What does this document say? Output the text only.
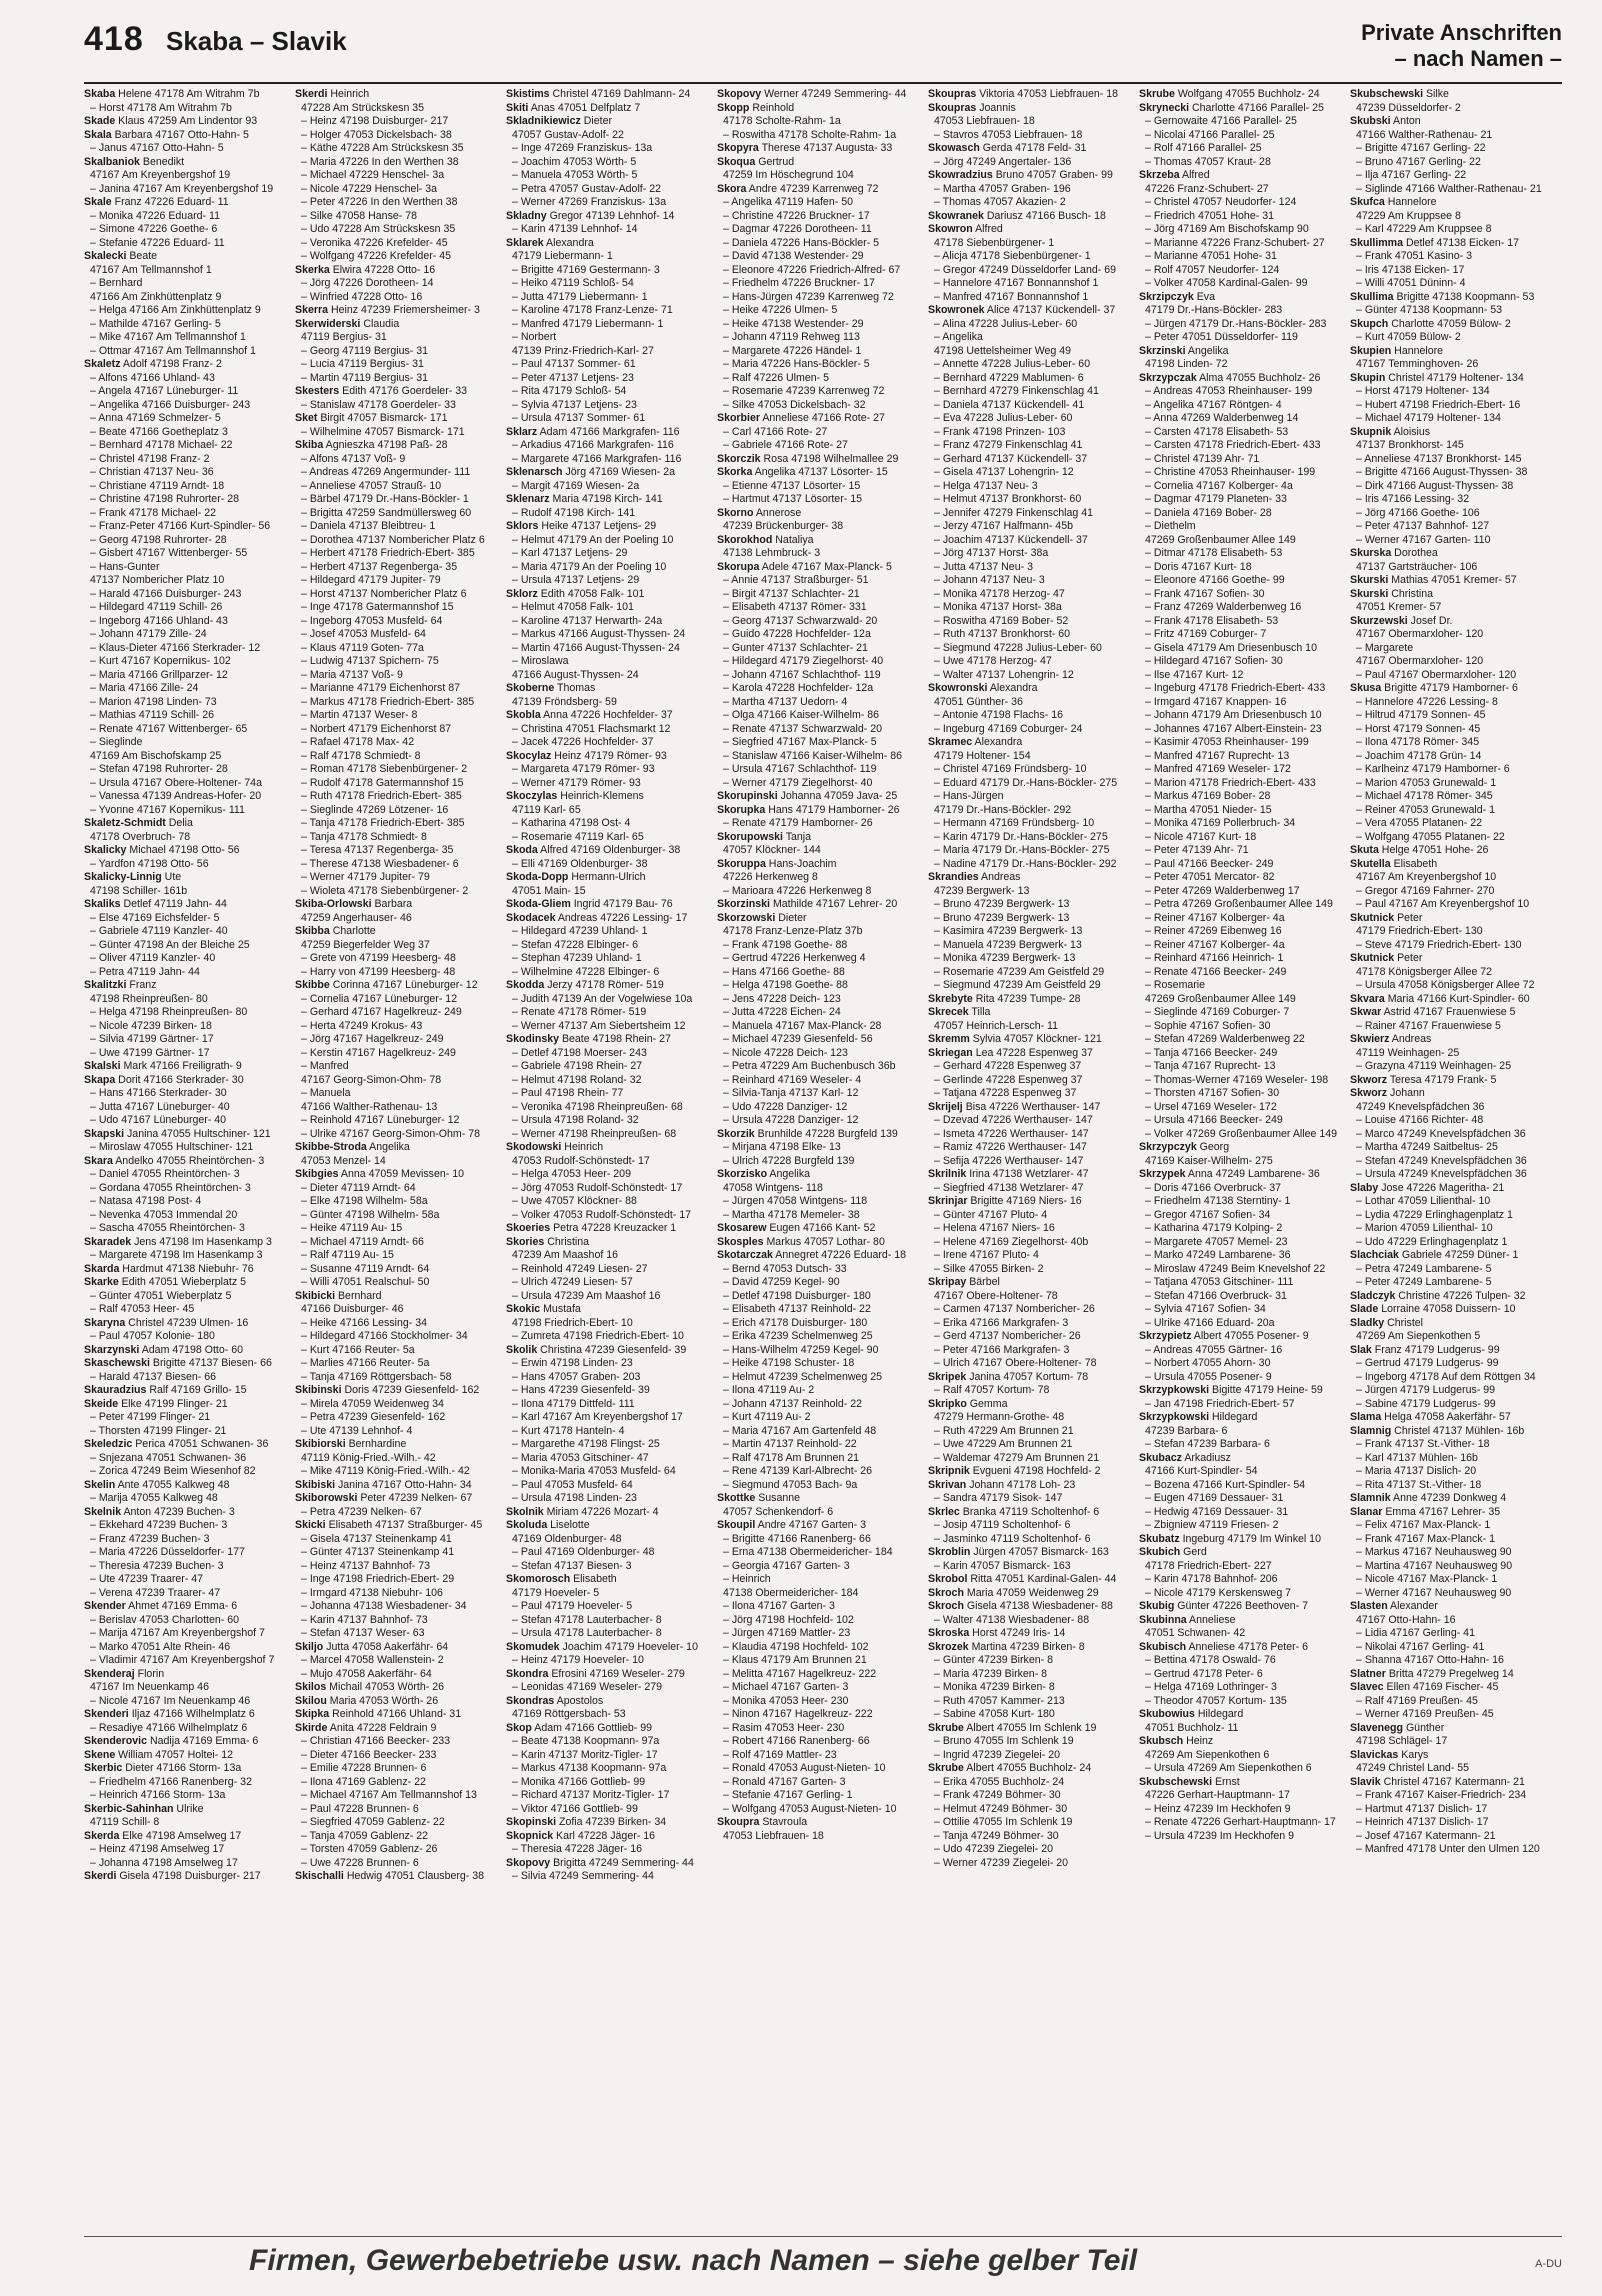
418 Skaba – Slavik	Private Anschriften
– nach Namen –
Skaba Helene 47178 Am Witrahm 7b
– Horst 47178 Am Witrahm 7b
Skade Klaus 47259 Am Lindentor 93
Skala Barbara 47167 Otto-Hahn- 5
– Janus 47167 Otto-Hahn- 5
Skalbaniok Benedikt
47167 Am Kreyenbergshof 19
– Janina 47167 Am Kreyenbergshof 19
Skale Franz 47226 Eduard- 11
– Monika 47226 Eduard- 11
– Simone 47226 Goethe- 6
– Stefanie 47226 Eduard- 11
Skalecki Beate
47167 Am Tellmannshof 1
– Bernhard
47166 Am Zinkhüttenplatz 9
– Helga 47166 Am Zinkhüttenplatz 9
– Mathilde 47167 Gerling- 5
– Mike 47167 Am Tellmannshof 1
– Ottmar 47167 Am Tellmannshof 1
Skaletz Adolf 47198 Franz- 2
– Alfons 47166 Uhland- 43
– Angela 47167 Lüneburger- 11
– Angelika 47166 Duisburger- 243
– Anna 47169 Schmelzer- 5
– Beate 47166 Goetheplatz 3
– Bernhard 47178 Michael- 22
– Christel 47198 Franz- 2
– Christian 47137 Neu- 36
– Christiane 47119 Arndt- 18
– Christine 47198 Ruhrorter- 28
– Frank 47178 Michael- 22
– Franz-Peter 47166 Kurt-Spindler- 56
– Georg 47198 Ruhrorter- 28
– Gisbert 47167 Wittenberger- 55
– Hans-Gunter
47137 Nombericher Platz 10
– Harald 47166 Duisburger- 243
– Hildegard 47119 Schill- 26
– Ingeborg 47166 Uhland- 43
– Johann 47179 Zille- 24
– Klaus-Dieter 47166 Sterkrader- 12
– Kurt 47167 Kopernikus- 102
– Maria 47166 Grillparzer- 12
– Maria 47166 Zille- 24
– Marion 47198 Linden- 73
– Mathias 47119 Schill- 26
– Renate 47167 Wittenberger- 65
– Sieglinde
47169 Am Bischofskamp 25
– Stefan 47198 Ruhrorter- 28
– Ursula 47167 Obere-Holtener- 74a
– Vanessa 47139 Andreas-Hofer- 20
– Yvonne 47167 Kopernikus- 111
Skaletz-Schmidt Delia
47178 Overbruch- 78
Skalicky Michael 47198 Otto- 56
– Yardfon 47198 Otto- 56
Skalicky-Linnig Ute
47198 Schiller- 161b
Skaliks Detlef 47119 Jahn- 44
– Else 47169 Eichsfelder- 5
– Gabriele 47119 Kanzler- 40
– Günter 47198 An der Bleiche 25
– Oliver 47119 Kanzler- 40
– Petra 47119 Jahn- 44
Skalitzki Franz
47198 Rheinpreußen- 80
– Helga 47198 Rheinpreußen- 80
– Nicole 47239 Birken- 18
– Silvia 47199 Gärtner- 17
– Uwe 47199 Gärtner- 17
Skalski Mark 47166 Freiligrath- 9
Skapa Dorit 47166 Sterkrader- 30
– Hans 47166 Sterkrader- 30
– Jutta 47167 Lüneburger- 40
– Udo 47167 Lüneburger- 40
Skapski Janina 47055 Hultschiner- 121
– Miroslaw 47055 Hultschiner- 121
Skara Andelko 47055 Rheintörchen- 3
– Daniel 47055 Rheintörchen- 3
– Gordana 47055 Rheintörchen- 3
– Natasa 47198 Post- 4
– Nevenka 47053 Immendal 20
– Sascha 47055 Rheintörchen- 3
Skaradek Jens 47198 Im Hasenkamp 3
– Margarete 47198 Im Hasenkamp 3
Skarda Hardmut 47138 Niebuhr- 76
Skarke Edith 47051 Wieberplatz 5
– Günter 47051 Wieberplatz 5
– Ralf 47053 Heer- 45
Skaryna Christel 47239 Ulmen- 16
– Paul 47057 Kolonie- 180
Skarzynski Adam 47198 Otto- 60
Skaschewski Brigitte 47137 Biesen- 66
– Harald 47137 Biesen- 66
Skauradzius Ralf 47169 Grillo- 15
Skeide Elke 47199 Flinger- 21
– Peter 47199 Flinger- 21
– Thorsten 47199 Flinger- 21
Skeledzic Perica 47051 Schwanen- 36
– Snjezana 47051 Schwanen- 36
– Zorica 47249 Beim Wiesenhof 82
Skelin Ante 47055 Kalkweg 48
– Marija 47055 Kalkweg 48
Skelnik Anton 47239 Buchen- 3
– Ekkehard 47239 Buchen- 3
– Franz 47239 Buchen- 3
– Maria 47226 Düsseldorfer- 177
– Theresia 47239 Buchen- 3
– Ute 47239 Traarer- 47
– Verena 47239 Traarer- 47
Skender Ahmet 47169 Emma- 6
– Berislav 47053 Charlotten- 60
– Marija 47167 Am Kreyenbergshof 7
– Marko 47051 Alte Rhein- 46
– Vladimir 47167 Am Kreyenbergshof 7
Skenderaj Florin
47167 Im Neuenkamp 46
– Nicole 47167 Im Neuenkamp 46
Skenderi Iljaz 47166 Wilhelmplatz 6
– Resadiye 47166 Wilhelmplatz 6
Skenderovic Nadija 47169 Emma- 6
Skene William 47057 Holtei- 12
Skerbic Dieter 47166 Storm- 13a
– Friedhelm 47166 Ranenberg- 32
– Heinrich 47166 Storm- 13a
Skerbic-Sahinhan Ulrike
47119 Schill- 8
Skerda Elke 47198 Amselweg 17
– Heinz 47198 Amselweg 17
– Johanna 47198 Amselweg 17
Skerdi Gisela 47198 Duisburger- 217
Skerdi Heinrich
47228 Am Strückskesn 35
– Heinz 47198 Duisburger- 217
– Holger 47053 Dickelsbach- 38
– Käthe 47228 Am Strückskesn 35
– Maria 47226 In den Werthen 38
– Michael 47229 Henschel- 3a
– Nicole 47229 Henschel- 3a
– Peter 47226 In den Werthen 38
– Silke 47058 Hanse- 78
– Udo 47228 Am Strückskesn 35
– Veronika 47226 Krefelder- 45
– Wolfgang 47226 Krefelder- 45
Skerka Elwira 47228 Otto- 16
– Jörg 47226 Dorotheen- 14
– Winfried 47228 Otto- 16
Skerra Heinz 47239 Friemersheimer- 3
Skerwiderski Claudia
47119 Bergius- 31
– Georg 47119 Bergius- 31
– Lucia 47119 Bergius- 31
– Martin 47119 Bergius- 31
Skesters Edith 47176 Goerdeler- 33
– Stanislaw 47178 Goerdeler- 33
Sket Birgit 47057 Bismarck- 171
– Wilhelmine 47057 Bismarck- 171
Skiba Agnieszka 47198 Paß- 28
– Alfons 47137 Voß- 9
– Andreas 47269 Angermunder- 111
– Anneliese 47057 Strauß- 10
– Bärbel 47179 Dr.-Hans-Böckler- 1
– Brigitta 47259 Sandmüllersweg 60
– Daniela 47137 Bleibtreu- 1
– Dorothea 47137 Nombericher Platz 6
– Herbert 47178 Friedrich-Ebert- 385
– Herbert 47137 Regenberga- 35
– Hildegard 47179 Jupiter- 79
– Horst 47137 Nombericher Platz 6
– Inge 47178 Gatermannshof 15
– Ingeborg 47053 Musfeld- 64
– Josef 47053 Musfeld- 64
– Klaus 47119 Goten- 77a
– Ludwig 47137 Spichern- 75
– Maria 47137 Voß- 9
– Marianne 47179 Eichenhorst 87
– Markus 47178 Friedrich-Ebert- 385
– Martin 47137 Weser- 8
– Norbert 47179 Eichenhorst 87
– Rafael 47178 Max- 42
– Ralf 47178 Schmiedt- 8
– Roman 47178 Siebenbürgener- 2
– Rudolf 47178 Gatermannshof 15
– Ruth 47178 Friedrich-Ebert- 385
– Sieglinde 47269 Lötzener- 16
– Tanja 47178 Friedrich-Ebert- 385
– Tanja 47178 Schmiedt- 8
– Teresa 47137 Regenberga- 35
– Therese 47138 Wiesbadener- 6
– Werner 47179 Jupiter- 79
– Wioleta 47178 Siebenbürgener- 2
Skiba-Orlowski Barbara
47259 Angerhauser- 46
Skibba Charlotte
47259 Biegerfelder Weg 37
– Grete von 47199 Heesberg- 48
– Harry von 47199 Heesberg- 48
Skibbe Corinna 47167 Lüneburger- 12
– Cornelia 47167 Lüneburger- 12
– Gerhard 47167 Hagelkreuz- 249
– Herta 47249 Krokus- 43
– Jörg 47167 Hagelkreuz- 249
– Kerstin 47167 Hagelkreuz- 249
– Manfred
47167 Georg-Simon-Ohm- 78
– Manuela
47166 Walther-Rathenau- 13
– Reinhold 47167 Lüneburger- 12
– Ulrike 47167 Georg-Simon-Ohm- 78
Skibbe-Stroda Angelika
47053 Menzel- 14
Skibgies Anna 47059 Mevissen- 10
– Dieter 47119 Arndt- 64
– Elke 47198 Wilhelm- 58a
– Günter 47198 Wilhelm- 58a
– Heike 47119 Au- 15
– Michael 47119 Arndt- 66
– Ralf 47119 Au- 15
– Susanne 47119 Arndt- 64
– Willi 47051 Realschul- 50
Skibicki Bernhard
47166 Duisburger- 46
– Heike 47166 Lessing- 34
– Hildegard 47166 Stockholmer- 34
– Kurt 47166 Reuter- 5a
– Marlies 47166 Reuter- 5a
– Tanja 47169 Röttgersbach- 58
Skibinski Doris 47239 Giesenfeld- 162
– Mirela 47059 Weidenweg 34
– Petra 47239 Giesenfeld- 162
– Ute 47139 Lehnhof- 4
Skibiorski Bernhardine
47119 König-Fried.-Wilh.- 42
– Mike 47119 König-Fried.-Wilh.- 42
Skibiski Janina 47167 Otto-Hahn- 34
Skiborowski Peter 47239 Nelken- 67
– Petra 47239 Nelken- 67
Skicki Elisabeth 47137 Straßburger- 45
– Gisela 47137 Steinenkamp 41
– Günter 47137 Steinenkamp 41
– Heinz 47137 Bahnhof- 73
– Inge 47198 Friedrich-Ebert- 29
– Irmgard 47138 Niebuhr- 106
– Johanna 47138 Wiesbadener- 34
– Karin 47137 Bahnhof- 73
– Stefan 47137 Weser- 63
Skiljo Jutta 47058 Aakerfähr- 64
– Marcel 47058 Wallenstein- 2
– Mujo 47058 Aakerfähr- 64
Skilos Michail 47053 Wörth- 26
Skilou Maria 47053 Wörth- 26
Skipka Reinhold 47166 Uhland- 31
Skirde Anita 47228 Feldrain 9
– Christian 47166 Beecker- 233
– Dieter 47166 Beecker- 233
– Emilie 47228 Brunnen- 6
– Ilona 47169 Gablenz- 22
– Michael 47167 Am Tellmannshof 13
– Paul 47228 Brunnen- 6
– Siegfried 47059 Gablenz- 22
– Tanja 47059 Gablenz- 22
– Torsten 47059 Gablenz- 26
– Uwe 47228 Brunnen- 6
Skischalli Hedwig 47051 Clausberg- 38
Skistims Christel 47169 Dahlmann- 24
Skiti Anas 47051 Delfplatz 7
Skladnikiewicz Dieter
47057 Gustav-Adolf- 22
– Inge 47269 Franziskus- 13a
– Joachim 47053 Wörth- 5
– Manuela 47053 Wörth- 5
– Petra 47057 Gustav-Adolf- 22
– Werner 47269 Franziskus- 13a
Skladny Gregor 47139 Lehnhof- 14
– Karin 47139 Lehnhof- 14
Sklarek Alexandra
47179 Liebermann- 1
– Brigitte 47169 Gestermann- 3
– Heiko 47119 Schloß- 54
– Jutta 47179 Liebermann- 1
– Karoline 47178 Franz-Lenze- 71
– Manfred 47179 Liebermann- 1
– Norbert
47139 Prinz-Friedrich-Karl- 27
– Paul 47137 Sommer- 61
– Peter 47137 Letjens- 23
– Rita 47179 Schloß- 54
– Sylvia 47137 Letjens- 23
– Ursula 47137 Sommer- 61
Sklarz Adam 47166 Markgrafen- 116
– Arkadius 47166 Markgrafen- 116
– Margarete 47166 Markgrafen- 116
Sklenarsch Jörg 47169 Wiesen- 2a
– Margit 47169 Wiesen- 2a
Sklenarz Maria 47198 Kirch- 141
– Rudolf 47198 Kirch- 141
Sklors Heike 47137 Letjens- 29
– Helmut 47179 An der Poeling 10
– Karl 47137 Letjens- 29
– Maria 47179 An der Poeling 10
– Ursula 47137 Letjens- 29
Sklorz Edith 47058 Falk- 101
– Helmut 47058 Falk- 101
– Karoline 47137 Herwarth- 24a
– Markus 47166 August-Thyssen- 24
– Martin 47166 August-Thyssen- 24
– Miroslawa
47166 August-Thyssen- 24
Skoberne Thomas
47139 Fröndsberg- 59
Skobla Anna 47226 Hochfelder- 37
– Christina 47051 Flachsmarkt 12
– Jacek 47226 Hochfelder- 37
Skocylaz Heinz 47179 Römer- 93
– Margareta 47179 Römer- 93
– Werner 47179 Römer- 93
Skoczylas Heinrich-Klemens
47119 Karl- 65
– Katharina 47198 Ost- 4
– Rosemarie 47119 Karl- 65
Skoda Alfred 47169 Oldenburger- 38
– Elli 47169 Oldenburger- 38
Skoda-Dopp Hermann-Ulrich
47051 Main- 15
Skoda-Gliem Ingrid 47179 Bau- 76
Skodacek Andreas 47226 Lessing- 17
– Hildegard 47239 Uhland- 1
– Stefan 47228 Elbinger- 6
– Stephan 47239 Uhland- 1
– Wilhelmine 47228 Elbinger- 6
Skodda Jerzy 47178 Römer- 519
– Judith 47139 An der Vogelwiese 10a
– Renate 47178 Römer- 519
– Werner 47137 Am Siebertsheim 12
Skodinsky Beate 47198 Rhein- 27
– Detlef 47198 Moerser- 243
– Gabriele 47198 Rhein- 27
– Helmut 47198 Roland- 32
– Paul 47198 Rhein- 77
– Veronika 47198 Rheinpreußen- 68
– Ursula 47198 Roland- 32
– Werner 47198 Rheinpreußen- 68
Skodowski Heinrich
47053 Rudolf-Schönstedt- 17
– Helga 47053 Heer- 209
– Jörg 47053 Rudolf-Schönstedt- 17
– Uwe 47057 Klöckner- 88
– Volker 47053 Rudolf-Schönstedt- 17
Skoeries Petra 47228 Kreuzacker 1
Skories Christina
47239 Am Maashof 16
– Reinhold 47249 Liesen- 27
– Ulrich 47249 Liesen- 57
– Ursula 47239 Am Maashof 16
Skokic Mustafa
47198 Friedrich-Ebert- 10
– Zumreta 47198 Friedrich-Ebert- 10
Skolik Christina 47239 Giesenfeld- 39
– Erwin 47198 Linden- 23
– Hans 47057 Graben- 203
– Hans 47239 Giesenfeld- 39
– Ilona 47179 Dittfeld- 111
– Karl 47167 Am Kreyenbergshof 17
– Kurt 47178 Hanteln- 4
– Margarethe 47198 Flingst- 25
– Maria 47053 Gitschiner- 47
– Monika-Maria 47053 Musfeld- 64
– Paul 47053 Musfeld- 64
– Ursula 47198 Linden- 23
Skolnik Miriam 47226 Mozart- 4
Skoluda Liselotte
47169 Oldenburger- 48
– Paul 47169 Oldenburger- 48
– Stefan 47137 Biesen- 3
Skomorosch Elisabeth
47179 Hoeveler- 5
– Paul 47179 Hoeveler- 5
– Stefan 47178 Lauterbacher- 8
– Ursula 47178 Lauterbacher- 8
Skomudek Joachim 47179 Hoeveler- 10
– Heinz 47179 Hoeveler- 10
Skondra Efrosini 47169 Weseler- 279
– Leonidas 47169 Weseler- 279
Skondras Apostolos
47169 Röttgersbach- 53
Skop Adam 47166 Gottlieb- 99
– Beate 47138 Koopmann- 97a
– Karin 47137 Moritz-Tigler- 17
– Markus 47138 Koopmann- 97a
– Monika 47166 Gottlieb- 99
– Richard 47137 Moritz-Tigler- 17
– Viktor 47166 Gottlieb- 99
Skopinski Zofia 47239 Birken- 34
Skopnick Karl 47228 Jäger- 16
– Theresia 47228 Jäger- 16
Skopovy Brigitta 47249 Semmering- 44
– Silvia 47249 Semmering- 44
Skopovy Werner 47249 Semmering- 44
Skopp Reinhold
47178 Scholte-Rahm- 1a
– Roswitha 47178 Scholte-Rahm- 1a
Skopyra Therese 47137 Augusta- 33
Skoqua Gertrud
47259 Im Höschegrund 104
Skora Andre 47239 Karrenweg 72
– Angelika 47119 Hafen- 50
– Christine 47226 Bruckner- 17
– Dagmar 47226 Dorotheen- 11
– Daniela 47226 Hans-Böckler- 5
– David 47138 Westender- 29
– Eleonore 47226 Friedrich-Alfred- 67
– Friedhelm 47226 Bruckner- 17
– Hans-Jürgen 47239 Karrenweg 72
– Heike 47226 Ulmen- 5
– Heike 47138 Westender- 29
– Johann 47119 Rehweg 113
– Margarete 47226 Händel- 1
– Maria 47226 Hans-Böckler- 5
– Ralf 47226 Ulmen- 5
– Rosemarie 47239 Karrenweg 72
– Silke 47053 Dickelsbach- 32
Skorbier Anneliese 47166 Rote- 27
– Carl 47166 Rote- 27
– Gabriele 47166 Rote- 27
Skorczik Rosa 47198 Wilhelmallee 29
Skorka Angelika 47137 Lösorter- 15
– Etienne 47137 Lösorter- 15
– Hartmut 47137 Lösorter- 15
Skorno Annerose
47239 Brückenburger- 38
Skorokhod Nataliya
47138 Lehmbruck- 3
Skorupa Adele 47167 Max-Planck- 5
– Annie 47137 Straßburger- 51
– Birgit 47137 Schlachter- 21
– Elisabeth 47137 Römer- 331
– Georg 47137 Schwarzwald- 20
– Guido 47228 Hochfelder- 12a
– Gunter 47137 Schlachter- 21
– Hildegard 47179 Ziegelhorst- 40
– Johann 47167 Schlachthof- 119
– Karola 47228 Hochfelder- 12a
– Martha 47137 Uedorn- 4
– Olga 47166 Kaiser-Wilhelm- 86
– Renate 47137 Schwarzwald- 20
– Siegfried 47167 Max-Planck- 5
– Stanislaw 47166 Kaiser-Wilhelm- 86
– Ursula 47167 Schlachthof- 119
– Werner 47179 Ziegelhorst- 40
Skorupinski Johanna 47059 Java- 25
Skorupka Hans 47179 Hamborner- 26
– Renate 47179 Hamborner- 26
Skorupowski Tanja
47057 Klöckner- 144
Skoruppa Hans-Joachim
47226 Herkenweg 8
– Marioara 47226 Herkenweg 8
Skorzinski Mathilde 47167 Lehrer- 20
Skorzowski Dieter
47178 Franz-Lenze-Platz 37b
– Frank 47198 Goethe- 88
– Gertrud 47226 Herkenweg 4
– Hans 47166 Goethe- 88
– Helga 47198 Goethe- 88
– Jens 47228 Deich- 123
– Jutta 47228 Eichen- 24
– Manuela 47167 Max-Planck- 28
– Michael 47239 Giesenfeld- 56
– Nicole 47228 Deich- 123
– Petra 47229 Am Buchenbusch 36b
– Reinhard 47169 Weseler- 4
– Silvia-Tanja 47137 Karl- 12
– Udo 47228 Danziger- 12
– Ursula 47228 Danziger- 12
Skorzik Brunhilde 47228 Burgfeld 139
– Mirjana 47198 Elke- 13
– Ulrich 47228 Burgfeld 139
Skorzisko Angelika
47058 Wintgens- 118
– Jürgen 47058 Wintgens- 118
– Martha 47178 Memeler- 38
Skosarew Eugen 47166 Kant- 52
Skosples Markus 47057 Lothar- 80
Skotarczak Annegret 47226 Eduard- 18
– Bernd 47053 Dutsch- 33
– David 47259 Kegel- 90
– Detlef 47198 Duisburger- 180
– Elisabeth 47137 Reinhold- 22
– Erich 47178 Duisburger- 180
– Erika 47239 Schelmenweg 25
– Hans-Wilhelm 47259 Kegel- 90
– Heike 47198 Schuster- 18
– Helmut 47239 Schelmenweg 25
– Ilona 47119 Au- 2
– Johann 47137 Reinhold- 22
– Kurt 47119 Au- 2
– Maria 47167 Am Gartenfeld 48
– Martin 47137 Reinhold- 22
– Ralf 47178 Am Brunnen 21
– Rene 47139 Karl-Albrecht- 26
– Siegmund 47053 Bach- 9a
Skottke Susanne
47057 Schenkendorf- 6
Skoupil Andre 47167 Garten- 3
– Brigitte 47166 Ranenberg- 66
– Erna 47138 Obermeidericher- 184
– Georgia 47167 Garten- 3
– Heinrich
47138 Obermeidericher- 184
– Ilona 47167 Garten- 3
– Jörg 47198 Hochfeld- 102
– Jürgen 47169 Mattler- 23
– Klaudia 47198 Hochfeld- 102
– Klaus 47179 Am Brunnen 21
– Melitta 47167 Hagelkreuz- 222
– Michael 47167 Garten- 3
– Monika 47053 Heer- 230
– Ninon 47167 Hagelkreuz- 222
– Rasim 47053 Heer- 230
– Robert 47166 Ranenberg- 66
– Rolf 47169 Mattler- 23
– Ronald 47053 August-Nieten- 10
– Ronald 47167 Garten- 3
– Stefanie 47167 Gerling- 1
– Wolfgang 47053 August-Nieten- 10
Skoupra Stavroula
47053 Liebfrauen- 18
Skoupras Viktoria 47053 Liebfrauen- 18
Skoupras Joannis
47053 Liebfrauen- 18
– Stavros 47053 Liebfrauen- 18
Skowasch Gerda 47178 Feld- 31
– Jörg 47249 Angertaler- 136
Skowradzius Bruno 47057 Graben- 99
– Martha 47057 Graben- 196
– Thomas 47057 Akazien- 2
Skowranek Dariusz 47166 Busch- 18
Skowron Alfred
47178 Siebenbürgener- 1
– Alicja 47178 Siebenbürgener- 1
– Gregor 47249 Düsseldorfer Land- 69
– Hannelore 47167 Bonnannshof 1
– Manfred 47167 Bonnannshof 1
Skowronek Alice 47137 Kückendell- 37
– Alina 47228 Julius-Leber- 60
– Angelika
47198 Uettelsheimer Weg 49
– Annette 47228 Julius-Leber- 60
– Bernhard 47229 Mablumen- 6
– Bernhard 47279 Finkenschlag 41
– Daniela 47137 Kückendell- 41
– Eva 47228 Julius-Leber- 60
– Frank 47198 Prinzen- 103
– Franz 47279 Finkenschlag 41
– Gerhard 47137 Kückendell- 37
– Gisela 47137 Lohengrin- 12
– Helga 47137 Neu- 3
– Helmut 47137 Bronkhorst- 60
– Jennifer 47279 Finkenschlag 41
– Jerzy 47167 Halfmann- 45b
– Joachim 47137 Kückendell- 37
– Jörg 47137 Horst- 38a
– Jutta 47137 Neu- 3
– Johann 47137 Neu- 3
– Monika 47178 Herzog- 47
– Monika 47137 Horst- 38a
– Roswitha 47169 Bober- 52
– Ruth 47137 Bronkhorst- 60
– Siegmund 47228 Julius-Leber- 60
– Uwe 47178 Herzog- 47
– Walter 47137 Lohengrin- 12
Skowronski Alexandra
47051 Günther- 36
– Antonie 47198 Flachs- 16
– Ingeburg 47169 Coburger- 24
Skramec Alexandra
47179 Holtener- 154
– Christel 47169 Fründsberg- 10
– Eduard 47179 Dr.-Hans-Böckler- 275
– Hans-Jürgen
47179 Dr.-Hans-Böckler- 292
– Hermann 47169 Fründsberg- 10
– Karin 47179 Dr.-Hans-Böckler- 275
– Maria 47179 Dr.-Hans-Böckler- 275
– Nadine 47179 Dr.-Hans-Böckler- 292
Skrandies Andreas
47239 Bergwerk- 13
– Bruno 47239 Bergwerk- 13
– Bruno 47239 Bergwerk- 13
– Kasimira 47239 Bergwerk- 13
– Manuela 47239 Bergwerk- 13
– Monika 47239 Bergwerk- 13
– Rosemarie 47239 Am Geistfeld 29
– Siegmund 47239 Am Geistfeld 29
Skrebyte Rita 47239 Tumpe- 28
Skrecek Tilla
47057 Heinrich-Lersch- 11
Skremm Sylvia 47057 Klöckner- 121
Skriegan Lea 47228 Espenweg 37
– Gerhard 47228 Espenweg 37
– Gerlinde 47228 Espenweg 37
– Tatjana 47228 Espenweg 37
Skrijelj Bisa 47226 Werthauser- 147
– Dzevad 47226 Werthauser- 147
– Ismeta 47226 Werthauser- 147
– Ramiz 47226 Werthauser- 147
– Sefija 47226 Werthauser- 147
Skrilnik Irina 47138 Wetzlarer- 47
– Siegfried 47138 Wetzlarer- 47
Skrinjar Brigitte 47169 Niers- 16
– Günter 47167 Pluto- 4
– Helena 47167 Niers- 16
– Helene 47169 Ziegelhorst- 40b
– Irene 47167 Pluto- 4
– Silke 47055 Birken- 2
Skripay Bärbel
47167 Obere-Holtener- 78
– Carmen 47137 Nombericher- 26
– Erika 47166 Markgrafen- 3
– Gerd 47137 Nombericher- 26
– Peter 47166 Markgrafen- 3
– Ulrich 47167 Obere-Holtener- 78
Skripek Janina 47057 Kortum- 78
– Ralf 47057 Kortum- 78
Skripko Gemma
47279 Hermann-Grothe- 48
– Ruth 47229 Am Brunnen 21
– Uwe 47229 Am Brunnen 21
– Waldemar 47279 Am Brunnen 21
Skripnik Evgueni 47198 Hochfeld- 2
Skrivan Johann 47178 Loh- 23
– Sandra 47179 Sisok- 147
Skrlec Branka 47119 Scholtenhof- 6
– Josip 47119 Scholtenhof- 6
– Jasminko 47119 Scholtenhof- 6
Skroblin Jürgen 47057 Bismarck- 163
– Karin 47057 Bismarck- 163
Skrobol Ritta 47051 Kardinal-Galen- 44
Skroch Maria 47059 Weidenweg 29
Skroch Gisela 47138 Wiesbadener- 88
– Walter 47138 Wiesbadener- 88
Skroska Horst 47249 Iris- 14
Skrozek Martina 47239 Birken- 8
– Günter 47239 Birken- 8
– Maria 47239 Birken- 8
– Monika 47239 Birken- 8
– Ruth 47057 Kammer- 213
– Sabine 47058 Kurt- 180
Skrube Albert 47055 Im Schlenk 19
– Bruno 47055 Im Schlenk 19
– Ingrid 47239 Ziegelei- 20
Skrube Albert 47055 Buchholz- 24
– Erika 47055 Buchholz- 24
– Frank 47249 Böhmer- 30
– Helmut 47249 Böhmer- 30
– Ottilie 47055 Im Schlenk 19
– Tanja 47249 Böhmer- 30
– Udo 47239 Ziegelei- 20
– Werner 47239 Ziegelei- 20
Skrube Wolfgang 47055 Buchholz- 24
Skrynecki Charlotte 47166 Parallel- 25
– Gernowaite 47166 Parallel- 25
– Nicolai 47166 Parallel- 25
– Rolf 47166 Parallel- 25
– Thomas 47057 Kraut- 28
Skrzeba Alfred
47226 Franz-Schubert- 27
– Christel 47057 Neudorfer- 124
– Friedrich 47051 Hohe- 31
– Jörg 47169 Am Bischofskamp 90
– Marianne 47226 Franz-Schubert- 27
– Marianne 47051 Hohe- 31
– Rolf 47057 Neudorfer- 124
– Volker 47058 Kardinal-Galen- 99
Skrzipczyk Eva
47179 Dr.-Hans-Böckler- 283
– Jürgen 47179 Dr.-Hans-Böckler- 283
– Peter 47051 Düsseldorfer- 119
Skrzinski Angelika
47198 Linden- 72
Skrzypczak Alma 47055 Buchholz- 26
– Andreas 47053 Rheinhauser- 199
– Angelika 47167 Röntgen- 4
– Anna 47269 Walderbenweg 14
– Carsten 47178 Elisabeth- 53
– Carsten 47178 Friedrich-Ebert- 433
– Christel 47139 Ahr- 71
– Christine 47053 Rheinhauser- 199
– Cornelia 47167 Kolberger- 4a
– Dagmar 47179 Planeten- 33
– Daniela 47169 Bober- 28
– Diethelm
47269 Großenbaumer Allee 149
– Ditmar 47178 Elisabeth- 53
– Doris 47167 Kurt- 18
– Eleonore 47166 Goethe- 99
– Frank 47167 Sofien- 30
– Franz 47269 Walderbenweg 16
– Frank 47178 Elisabeth- 53
– Fritz 47169 Coburger- 7
– Gisela 47179 Am Driesenbusch 10
– Hildegard 47167 Sofien- 30
– Ilse 47167 Kurt- 12
– Ingeburg 47178 Friedrich-Ebert- 433
– Irmgard 47167 Knappen- 16
– Johann 47179 Am Driesenbusch 10
– Johannes 47167 Albert-Einstein- 23
– Kasimir 47053 Rheinhauser- 199
– Manfred 47167 Ruprecht- 13
– Manfred 47169 Weseler- 172
– Marion 47178 Friedrich-Ebert- 433
– Markus 47169 Bober- 28
– Martha 47051 Nieder- 15
– Monika 47169 Pollerbruch- 34
– Nicole 47167 Kurt- 18
– Peter 47139 Ahr- 71
– Paul 47166 Beecker- 249
– Peter 47051 Mercator- 82
– Peter 47269 Walderbenweg 17
– Petra 47269 Großenbaumer Allee 149
– Reiner 47167 Kolberger- 4a
– Reiner 47269 Eibenweg 16
– Reiner 47167 Kolberger- 4a
– Reinhard 47166 Heinrich- 1
– Renate 47166 Beecker- 249
– Rosemarie
47269 Großenbaumer Allee 149
– Sieglinde 47169 Coburger- 7
– Sophie 47167 Sofien- 30
– Stefan 47269 Walderbenweg 22
– Tanja 47166 Beecker- 249
– Tanja 47167 Ruprecht- 13
– Thomas-Werner 47169 Weseler- 198
– Thorsten 47167 Sofien- 30
– Ursel 47169 Weseler- 172
– Ursula 47166 Beecker- 249
– Volker 47269 Großenbaumer Allee 149
Skrzypczyk Georg
47169 Kaiser-Wilhelm- 275
Skrzypek Anna 47249 Lambarene- 36
– Doris 47166 Overbruck- 37
– Friedhelm 47138 Sterntiny- 1
– Gregor 47167 Sofien- 34
– Katharina 47179 Kolping- 2
– Margarete 47057 Memel- 23
– Marko 47249 Lambarene- 36
– Miroslaw 47249 Beim Knevelshof 22
– Tatjana 47053 Gitschiner- 111
– Stefan 47166 Overbruck- 31
– Sylvia 47167 Sofien- 34
– Ulrike 47166 Eduard- 20a
Skrzypietz Albert 47055 Posener- 9
– Andreas 47055 Gärtner- 16
– Norbert 47055 Ahorn- 30
– Ursula 47055 Posener- 9
Skrzypkowski Bigitte 47179 Heine- 59
– Jan 47198 Friedrich-Ebert- 57
Skrzypkowski Hildegard
47239 Barbara- 6
– Stefan 47239 Barbara- 6
Skubacz Arkadiusz
47166 Kurt-Spindler- 54
– Bozena 47166 Kurt-Spindler- 54
– Eugen 47169 Dessauer- 31
– Hedwig 47169 Dessauer- 31
– Zbigniew 47119 Friesen- 2
Skubatz Ingeburg 47179 Im Winkel 10
Skubich Gerd
47178 Friedrich-Ebert- 227
– Karin 47178 Bahnhof- 206
– Nicole 47179 Kerskensweg 7
Skubig Günter 47226 Beethoven- 7
Skubinna Anneliese
47051 Schwanen- 42
Skubisch Anneliese 47178 Peter- 6
– Bettina 47178 Oswald- 76
– Gertrud 47178 Peter- 6
– Helga 47169 Lothringer- 3
– Theodor 47057 Kortum- 135
Skubowius Hildegard
47051 Buchholz- 11
Skubsch Heinz
47269 Am Siepenkothen 6
– Ursula 47269 Am Siepenkothen 6
Skubschewski Ernst
47226 Gerhart-Hauptmann- 17
– Heinz 47239 Im Heckhofen 9
– Renate 47226 Gerhart-Hauptmann- 17
– Ursula 47239 Im Heckhofen 9
Skubschewski Silke
47239 Düsseldorfer- 2
Skubski Anton
47166 Walther-Rathenau- 21
– Brigitte 47167 Gerling- 22
– Bruno 47167 Gerling- 22
– Ilja 47167 Gerling- 22
– Siglinde 47166 Walther-Rathenau- 21
Skufca Hannelore
47229 Am Kruppsee 8
– Karl 47229 Am Kruppsee 8
Skullimma Detlef 47138 Eicken- 17
– Frank 47051 Kasino- 3
– Iris 47138 Eicken- 17
– Willi 47051 Düninn- 4
Skullima Brigitte 47138 Koopmann- 53
– Günter 47138 Koopmann- 53
Skupch Charlotte 47059 Bülow- 2
– Kurt 47059 Bülow- 2
Skupien Hannelore
47167 Temminghoven- 26
Skupin Christel 47179 Holtener- 134
– Horst 47179 Holtener- 134
– Hubert 47198 Friedrich-Ebert- 16
– Michael 47179 Holtener- 134
Skupnik Aloisius
47137 Bronkhorst- 145
– Anneliese 47137 Bronkhorst- 145
– Brigitte 47166 August-Thyssen- 38
– Dirk 47166 August-Thyssen- 38
– Iris 47166 Lessing- 32
– Jörg 47166 Goethe- 106
– Peter 47137 Bahnhof- 127
– Werner 47167 Garten- 110
Skurska Dorothea
47137 Gartsträucher- 106
Skurski Mathias 47051 Kremer- 57
Skurski Christina
47051 Kremer- 57
Skurzewski Josef Dr.
47167 Obermarxloher- 120
– Margarete
47167 Obermarxloher- 120
– Paul 47167 Obermarxloher- 120
Skusa Brigitte 47179 Hamborner- 6
– Hannelore 47226 Lessing- 8
– Hiltrud 47179 Sonnen- 45
– Horst 47179 Sonnen- 45
– Ilona 47178 Römer- 345
– Joachim 47178 Grün- 14
– Karlheinz 47179 Hamborner- 6
– Marion 47053 Grunewald- 1
– Michael 47178 Römer- 345
– Reiner 47053 Grunewald- 1
– Vera 47055 Platanen- 22
– Wolfgang 47055 Platanen- 22
Skuta Helge 47051 Hohe- 26
Skutella Elisabeth
47167 Am Kreyenbergshof 10
– Gregor 47169 Fahrner- 270
– Paul 47167 Am Kreyenbergshof 10
Skutnick Peter
47179 Friedrich-Ebert- 130
– Steve 47179 Friedrich-Ebert- 130
Skutnick Peter
47178 Königsberger Allee 72
– Ursula 47058 Königsberger Allee 72
Skvara Maria 47166 Kurt-Spindler- 60
Skwar Astrid 47167 Frauenwiese 5
– Rainer 47167 Frauenwiese 5
Skwierz Andreas
47119 Weinhagen- 25
– Grazyna 47119 Weinhagen- 25
Skworz Teresa 47179 Frank- 5
Skworz Johann
47249 Knevelspfädchen 36
– Louise 47166 Richter- 48
– Marco 47249 Knevelspfädchen 36
– Martha 47249 Saitbeltus- 25
– Stefan 47249 Knevelspfädchen 36
– Ursula 47249 Knevelspfädchen 36
Slaby Jose 47226 Mageritha- 21
– Lothar 47059 Lilienthal- 10
– Lydia 47229 Erlinghagenplatz 1
– Marion 47059 Lilienthal- 10
– Udo 47229 Erlinghagenplatz 1
Slachciak Gabriele 47259 Düner- 1
– Petra 47249 Lambarene- 5
– Peter 47249 Lambarene- 5
Sladczyk Christine 47226 Tulpen- 32
Slade Lorraine 47058 Duissern- 10
Sladky Christel
47269 Am Siepenkothen 5
Slak Franz 47179 Ludgerus- 99
– Gertrud 47179 Ludgerus- 99
– Ingeborg 47178 Auf dem Röttgen 34
– Jürgen 47179 Ludgerus- 99
– Sabine 47179 Ludgerus- 99
Slama Helga 47058 Aakerfähr- 57
Slamnig Christel 47137 Mühlen- 16b
– Frank 47137 St.-Vither- 18
– Karl 47137 Mühlen- 16b
– Maria 47137 Dislich- 20
– Rita 47137 St.-Vither- 18
Slamnik Anne 47239 Donkweg 4
Slanar Emma 47167 Lehrer- 35
– Felix 47167 Max-Planck- 1
– Frank 47167 Max-Planck- 1
– Markus 47167 Neuhausweg 90
– Martina 47167 Neuhausweg 90
– Nicole 47167 Max-Planck- 1
– Werner 47167 Neuhausweg 90
Slasten Alexander
47167 Otto-Hahn- 16
– Lidia 47167 Gerling- 41
– Nikolai 47167 Gerling- 41
– Shanna 47167 Otto-Hahn- 16
Slatner Britta 47279 Pregelweg 14
Slavec Ellen 47169 Fischer- 45
– Ralf 47169 Preußen- 45
– Werner 47169 Preußen- 45
Slavenegg Günther
47198 Schlägel- 17
Slavickas Karys
47249 Christel Land- 55
Slavik Christel 47167 Katermann- 21
– Frank 47167 Kaiser-Friedrich- 234
– Hartmut 47137 Dislich- 17
– Heinrich 47137 Dislich- 17
– Josef 47167 Katermann- 21
– Manfred 47178 Unter den Ulmen 120
Firmen, Gewerbebetriebe usw. nach Namen – siehe gelber Teil	A-DU
